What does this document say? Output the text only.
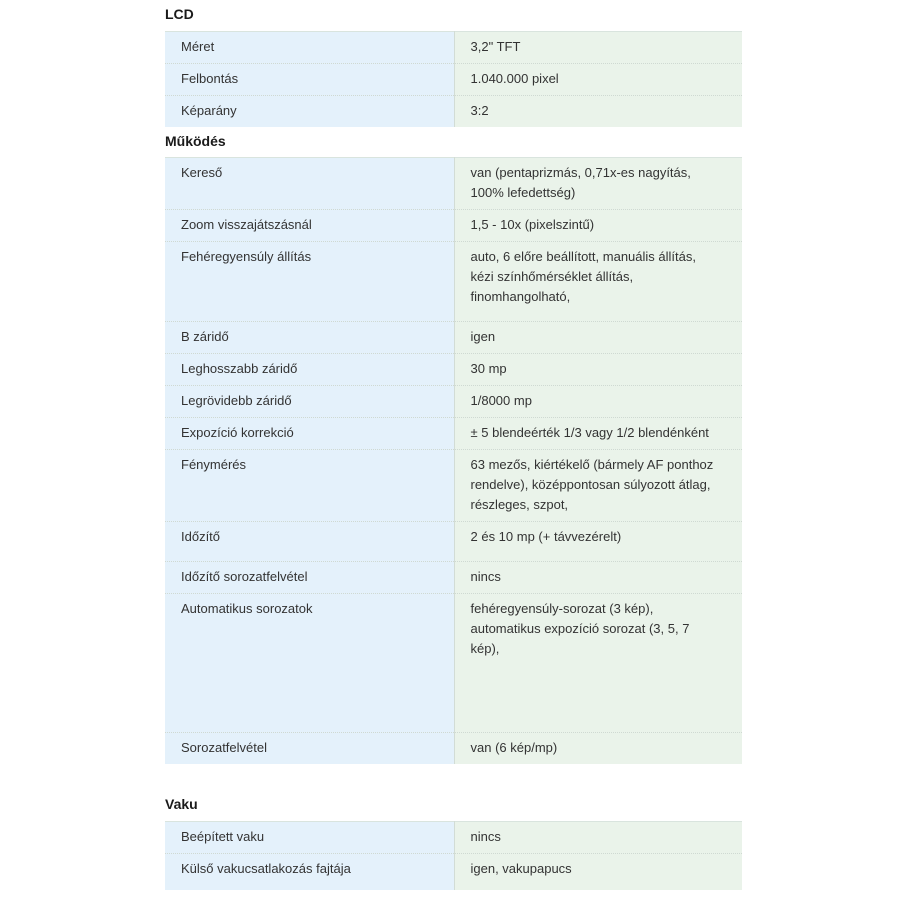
LCD
Méret	3,2" TFT
Felbontás	1.040.000 pixel
Képarány	3:2
Működés
Kereső	van (pentaprizmás, 0,71x-es nagyítás,
100% lefedettség)
Zoom visszajátszásnál	1,5 - 10x (pixelszintű)
Fehéregyensúly állítás	auto, 6 előre beállított, manuális állítás,
kézi színhőmérséklet állítás,
finomhangolható,
B záridő	igen
Leghosszabb záridő	30 mp
Legrövidebb záridő	1/8000 mp
Expozíció korrekció	± 5 blendeérték 1/3 vagy 1/2 blendénként
Fénymérés	63 mezős, kiértékelő (bármely AF ponthoz
rendelve), középpontosan súlyozott átlag,
részleges, szpot,
Időzítő	2 és 10 mp (+ távvezérelt)
Időzítő sorozatfelvétel	nincs
Automatikus sorozatok	fehéregyensúly-sorozat (3 kép),
automatikus expozíció sorozat (3, 5, 7
kép),
Sorozatfelvétel	van (6 kép/mp)
Vaku
Beépített vaku	nincs
Külső vakucsatlakozás fajtája	igen, vakupapucs
